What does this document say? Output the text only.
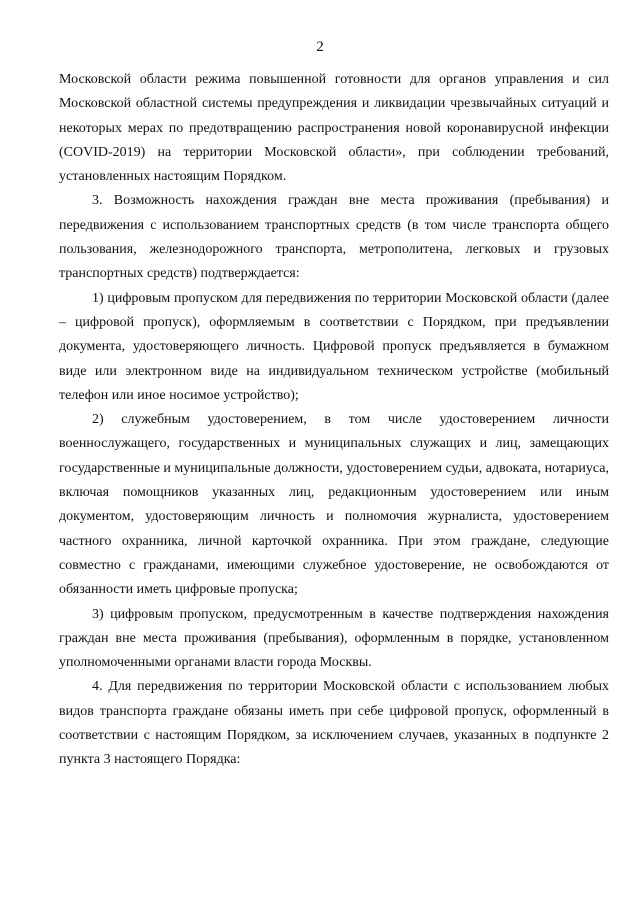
2

Московской области режима повышенной готовности для органов управления и сил Московской областной системы предупреждения и ликвидации чрезвычайных ситуаций и некоторых мерах по предотвращению распространения новой коронавирусной инфекции (COVID-2019) на территории Московской области», при соблюдении требований, установленных настоящим Порядком.

3. Возможность нахождения граждан вне места проживания (пребывания) и передвижения с использованием транспортных средств (в том числе транспорта общего пользования, железнодорожного транспорта, метрополитена, легковых и грузовых транспортных средств) подтверждается:

1) цифровым пропуском для передвижения по территории Московской области (далее – цифровой пропуск), оформляемым в соответствии с Порядком, при предъявлении документа, удостоверяющего личность. Цифровой пропуск предъявляется в бумажном виде или электронном виде на индивидуальном техническом устройстве (мобильный телефон или иное носимое устройство);

2) служебным удостоверением, в том числе удостоверением личности военнослужащего, государственных и муниципальных служащих и лиц, замещающих государственные и муниципальные должности, удостоверением судьи, адвоката, нотариуса, включая помощников указанных лиц, редакционным удостоверением или иным документом, удостоверяющим личность и полномочия журналиста, удостоверением частного охранника, личной карточкой охранника. При этом граждане, следующие совместно с гражданами, имеющими служебное удостоверение, не освобождаются от обязанности иметь цифровые пропуска;

3) цифровым пропуском, предусмотренным в качестве подтверждения нахождения граждан вне места проживания (пребывания), оформленным в порядке, установленном уполномоченными органами власти города Москвы.

4. Для передвижения по территории Московской области с использованием любых видов транспорта граждане обязаны иметь при себе цифровой пропуск, оформленный в соответствии с настоящим Порядком, за исключением случаев, указанных в подпункте 2 пункта 3 настоящего Порядка:
